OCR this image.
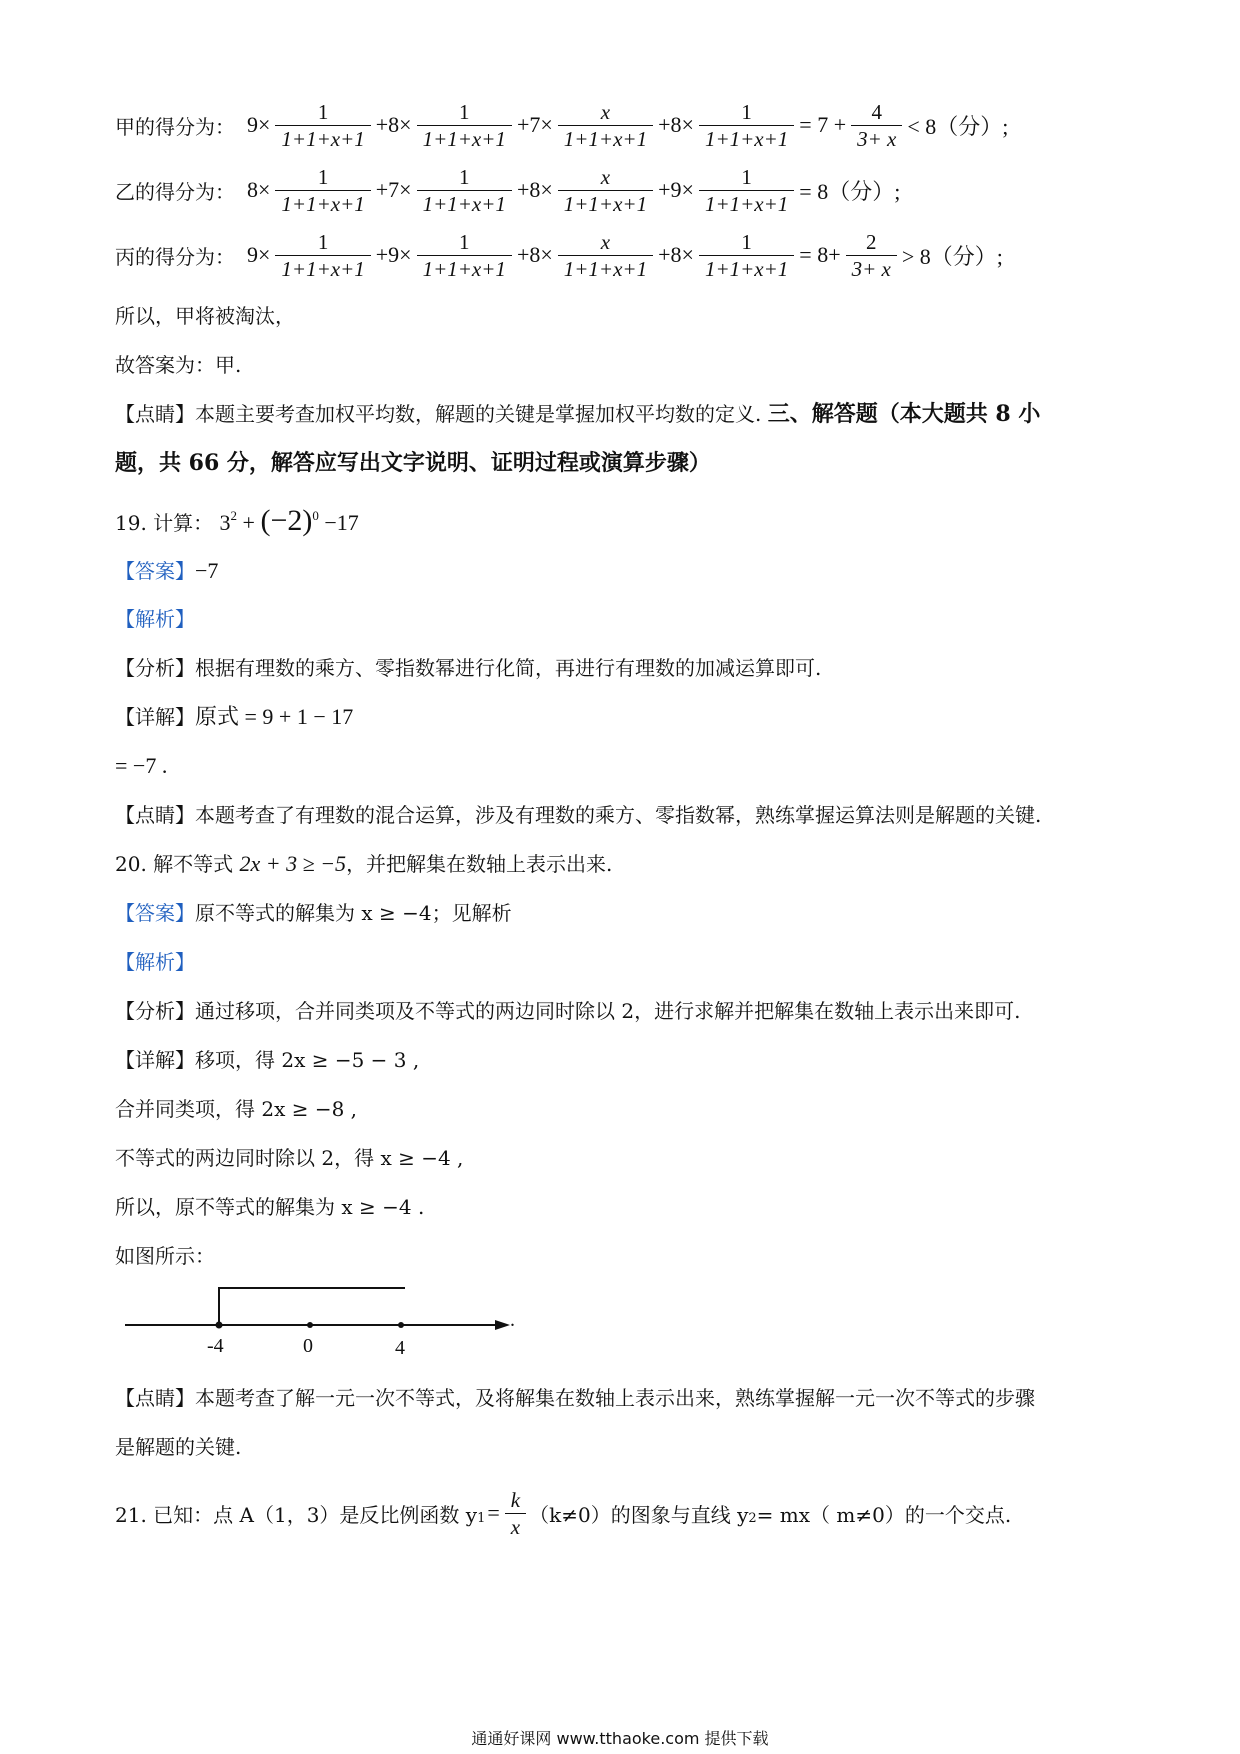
甲的得分为： $9\times \frac{1}{1+1+x+1} +8\times \frac{1}{1+1+x+1} +7\times \frac{x}{1+1+x+1} +8\times \frac{1}{1+1+x+1} = 7 + \frac{4}{3+ x} < 8$（分）;
乙的得分为： $8\times \frac{1}{1+1+x+1} +7\times \frac{1}{1+1+x+1} +8\times \frac{x}{1+1+x+1} +9\times \frac{1}{1+1+x+1} = 8$（分）;
丙的得分为： $9\times \frac{1}{1+1+x+1} +9\times \frac{1}{1+1+x+1} +8\times \frac{x}{1+1+x+1} +8\times \frac{1}{1+1+x+1} = 8+ \frac{2}{3+ x} > 8$（分）;
所以，甲将被淘汰，
故答案为：甲.
【点睛】本题主要考查加权平均数，解题的关键是掌握加权平均数的定义. 三、解答题（本大题共 8 小
题，共 66 分，解答应写出文字说明、证明过程或演算步骤）
19. 计算： $3^2 + (-2)^0 -17$
【答案】−7
【解析】
【分析】根据有理数的乘方、零指数幂进行化简，再进行有理数的加减运算即可.
【详解】原式 = 9 + 1 − 17
= −7 .
【点睛】本题考查了有理数的混合运算，涉及有理数的乘方、零指数幂，熟练掌握运算法则是解题的关键.
20. 解不等式 2x + 3 ≥ −5，并把解集在数轴上表示出来.
【答案】原不等式的解集为 x ≥ −4；见解析
【解析】
【分析】通过移项，合并同类项及不等式的两边同时除以 2，进行求解并把解集在数轴上表示出来即可.
【详解】移项，得 2x ≥ −5 − 3 ,
合并同类项，得 2x ≥ −8 ,
不等式的两边同时除以 2，得 x ≥ −4 ,
所以，原不等式的解集为 x ≥ −4 .
如图所示：
-4	0	4
.
【点睛】本题考查了解一元一次不等式，及将解集在数轴上表示出来，熟练掌握解一元一次不等式的步骤
是解题的关键.
21. 已知：点 A（1，3）是反比例函数 y $1 = \frac{k}{x} (k\ne 0)$的图象与直线 y 2 = mx（ m≠0）的一个交点.
通通好课网 www.tthaoke.com 提供下载
